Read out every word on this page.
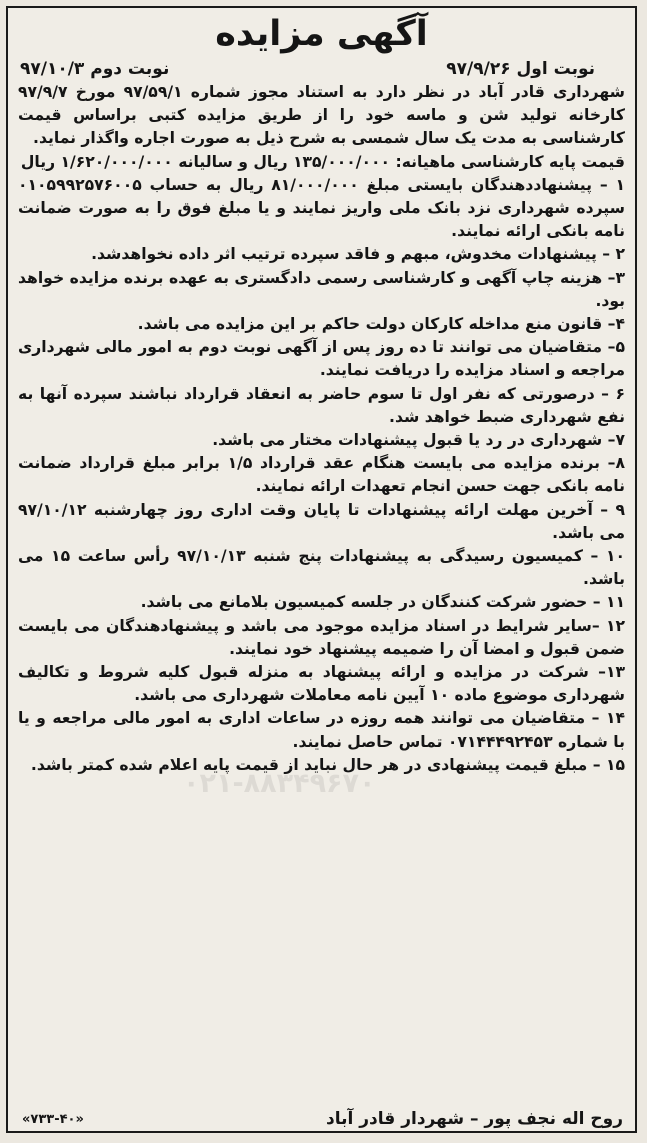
آگهی مزایده
نوبت اول ۹۷/۹/۲۶
نوبت دوم ۹۷/۱۰/۳

شهرداری قادر آباد در نظر دارد به استناد مجوز شماره ۹۷/۵۹/۱ مورخ ۹۷/۹/۷ کارخانه تولید شن و ماسه خود را از طریق مزایده کتبی براساس قیمت کارشناسی به مدت یک سال شمسی به شرح ذیل به صورت اجاره واگذار نماید.

قیمت پایه کارشناسی ماهیانه: ۱۳۵/۰۰۰/۰۰۰ ریال و سالیانه ۱/۶۲۰/۰۰۰/۰۰۰ ریال

۱ – پیشنهاددهندگان بایستی مبلغ ۸۱/۰۰۰/۰۰۰ ریال به حساب ۰۱۰۵۹۹۲۵۷۶۰۰۵ سپرده شهرداری نزد بانک ملی واریز نمایند و یا مبلغ فوق را به صورت ضمانت نامه بانکی ارائه نمایند.

۲ – پیشنهادات مخدوش، مبهم و فاقد سپرده ترتیب اثر داده نخواهدشد.

۳– هزینه چاپ آگهی و کارشناسی رسمی دادگستری به عهده برنده مزایده خواهد بود.

۴– قانون منع مداخله کارکان دولت حاکم بر این مزایده می باشد.

۵– متقاضیان می توانند تا ده روز پس از آگهی نوبت دوم به امور مالی شهرداری مراجعه و اسناد مزایده را دریافت نمایند.

۶ – درصورتی که نفر اول تا سوم حاضر به انعقاد قرارداد نباشند سپرده آنها به نفع شهرداری ضبط خواهد شد.

۷– شهرداری در رد یا قبول پیشنهادات مختار می باشد.

۸– برنده مزایده می بایست هنگام عقد قرارداد ۱/۵ برابر مبلغ قرارداد ضمانت نامه بانکی جهت حسن انجام تعهدات ارائه نمایند.

۹ – آخرین مهلت ارائه پیشنهادات تا پایان وقت اداری روز چهارشنبه ۹۷/۱۰/۱۲ می باشد.

۱۰ – کمیسیون رسیدگی به پیشنهادات پنج شنبه ۹۷/۱۰/۱۳ رأس ساعت ۱۵ می باشد.

۱۱ – حضور شرکت کنندگان در جلسه کمیسیون بلامانع می باشد.

۱۲ –سایر شرایط در اسناد مزایده موجود می باشد و پیشنهادهندگان می بایست ضمن قبول و امضا آن را ضمیمه پیشنهاد خود نمایند.

۱۳– شرکت در مزایده و ارائه پیشنهاد به منزله قبول کلیه شروط و تکالیف شهرداری موضوع ماده ۱۰ آیین نامه معاملات شهرداری می باشد.

۱۴ – متقاضیان می توانند همه روزه در ساعات اداری به امور مالی مراجعه و یا با شماره ۰۷۱۴۴۴۹۲۴۵۳ تماس حاصل نمایند.

۱۵ – مبلغ قیمت پیشنهادی در هر حال نباید از قیمت پایه اعلام شده کمتر باشد.

۰۲۱-۸۸۳۴۹۶۷۰
روح اله نجف پور – شهردار قادر آباد
«۷۳۳-۴۰»
